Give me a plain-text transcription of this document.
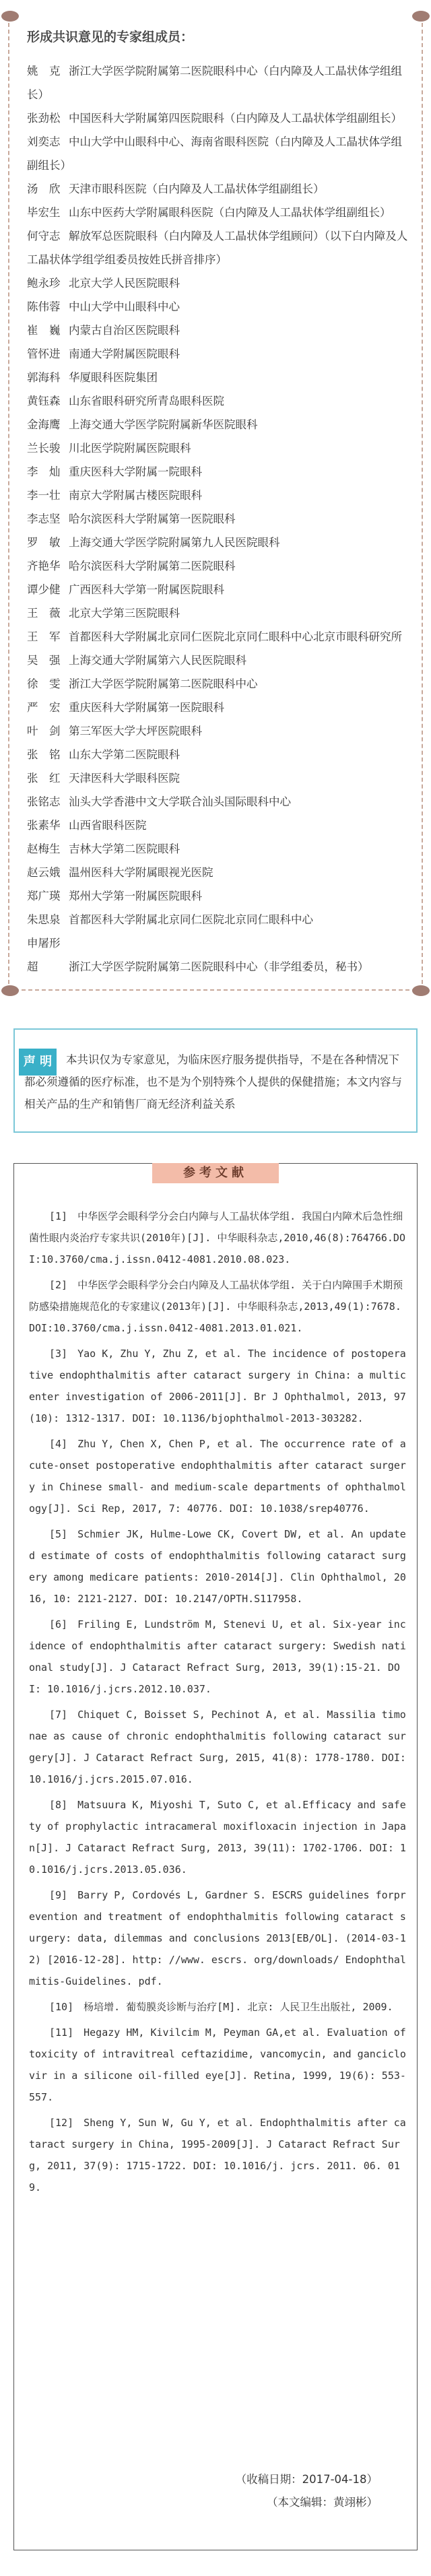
形成共识意见的专家组成员：
姚　克 浙江大学医学院附属第二医院眼科中心（白内障及人工晶状体学组组长）
张劲松 中国医科大学附属第四医院眼科（白内障及人工晶状体学组副组长）
刘奕志 中山大学中山眼科中心、海南省眼科医院（白内障及人工晶状体学组副组长）
汤　欣 天津市眼科医院（白内障及人工晶状体学组副组长）
毕宏生 山东中医药大学附属眼科医院（白内障及人工晶状体学组副组长）
何守志 解放军总医院眼科（白内障及人工晶状体学组顾问）（以下白内障及人工晶状体学组学组委员按姓氏拼音排序）
鲍永珍 北京大学人民医院眼科
陈伟蓉 中山大学中山眼科中心
崔　巍 内蒙古自治区医院眼科
管怀进 南通大学附属医院眼科
郭海科 华厦眼科医院集团
黄钰森 山东省眼科研究所青岛眼科医院
金海鹰 上海交通大学医学院附属新华医院眼科
兰长骏 川北医学院附属医院眼科
李　灿 重庆医科大学附属一院眼科
李一壮 南京大学附属古楼医院眼科
李志坚 哈尔滨医科大学附属第一医院眼科
罗　敏 上海交通大学医学院附属第九人民医院眼科
齐艳华 哈尔滨医科大学附属第二医院眼科
谭少健 广西医科大学第一附属医院眼科
王　薇 北京大学第三医院眼科
王　军 首都医科大学附属北京同仁医院北京同仁眼科中心北京市眼科研究所
吴　强 上海交通大学附属第六人民医院眼科
徐　雯 浙江大学医学院附属第二医院眼科中心
严　宏 重庆医科大学附属第一医院眼科
叶　剑 第三军医大学大坪医院眼科
张　铭 山东大学第二医院眼科
张　红 天津医科大学眼科医院
张铭志 汕头大学香港中文大学联合汕头国际眼科中心
张素华 山西省眼科医院
赵梅生 吉林大学第二医院眼科
赵云娥 温州医科大学附属眼视光医院
郑广瑛 郑州大学第一附属医院眼科
朱思泉 首都医科大学附属北京同仁医院北京同仁眼科中心
申屠形超	浙江大学医学院附属第二医院眼科中心（非学组委员，秘书）

本共识仅为专家意见，为临床医疗服务提供指导，不是在各种情况下都必须遵循的医疗标准，也不是为个别特殊个人提供的保健措施；本文内容与相关产品的生产和销售厂商无经济利益关系

声 明
参考文献
[1]　中华医学会眼科学分会白内障与人工晶状体学组. 我国白内障术后急性细菌性眼内炎治疗专家共识(2010年)[J]. 中华眼科杂志,2010,46(8):764766.DOI:10.3760/cma.j.issn.0412-4081.2010.08.023.
[2]　中华医学会眼科学分会白内障及人工晶状体学组. 关于白内障围手术期预防感染措施规范化的专家建议(2013年)[J]. 中华眼科杂志,2013,49(1):7678. DOI:10.3760/cma.j.issn.0412-4081.2013.01.021.
[3]　Yao K, Zhu Y, Zhu Z, et al. The incidence of postoperative endophthalmitis after cataract surgery in China: a multicenter investigation of 2006-2011[J]. Br J Ophthalmol, 2013, 97(10): 1312-1317. DOI: 10.1136/bjophthalmol-2013-303282.
[4]　Zhu Y, Chen X, Chen P, et al. The occurrence rate of acute-onset postoperative endophthalmitis after cataract surgery in Chinese small- and medium-scale departments of ophthalmology[J]. Sci Rep, 2017, 7: 40776. DOI: 10.1038/srep40776.
[5]　Schmier JK, Hulme-Lowe CK, Covert DW, et al. An updated estimate of costs of endophthalmitis following cataract surgery among medicare patients: 2010-2014[J]. Clin Ophthalmol, 2016, 10: 2121-2127. DOI: 10.2147/OPTH.S117958.
[6]　Friling E, Lundström M, Stenevi U, et al. Six-year incidence of endophthalmitis after cataract surgery: Swedish national study[J]. J Cataract Refract Surg, 2013, 39(1):15-21. DOI: 10.1016/j.jcrs.2012.10.037.
[7]　Chiquet C, Boisset S, Pechinot A, et al. Massilia timonae as cause of chronic endophthalmitis following cataract surgery[J]. J Cataract Refract Surg, 2015, 41(8): 1778-1780. DOI: 10.1016/j.jcrs.2015.07.016.
[8]　Matsuura K, Miyoshi T, Suto C, et al.Efficacy and safety of prophylactic intracameral moxifloxacin injection in Japan[J]. J Cataract Refract Surg, 2013, 39(11): 1702-1706. DOI: 10.1016/j.jcrs.2013.05.036.
[9]　Barry P, Cordovés L, Gardner S. ESCRS guidelines forprevention and treatment of endophthalmitis following cataract surgery: data, dilemmas and conclusions 2013[EB/OL]. (2014-03-12) [2016-12-28]. http: //www. escrs. org/downloads/ Endophthalmitis-Guidelines. pdf.
[10]　杨培增. 葡萄膜炎诊断与治疗[M]. 北京: 人民卫生出版社, 2009.
[11]　Hegazy HM, Kivilcim M, Peyman GA,et al. Evaluation of toxicity of intravitreal ceftazidime, vancomycin, and ganciclovir in a silicone oil-filled eye[J]. Retina, 1999, 19(6): 553-557.
[12]　Sheng Y, Sun W, Gu Y, et al. Endophthalmitis after cataract surgery in China, 1995-2009[J]. J Cataract Refract Surg, 2011, 37(9): 1715-1722. DOI: 10.1016/j. jcrs. 2011. 06. 019.

（收稿日期：2017-04-18）

（本文编辑：黄翊彬）
